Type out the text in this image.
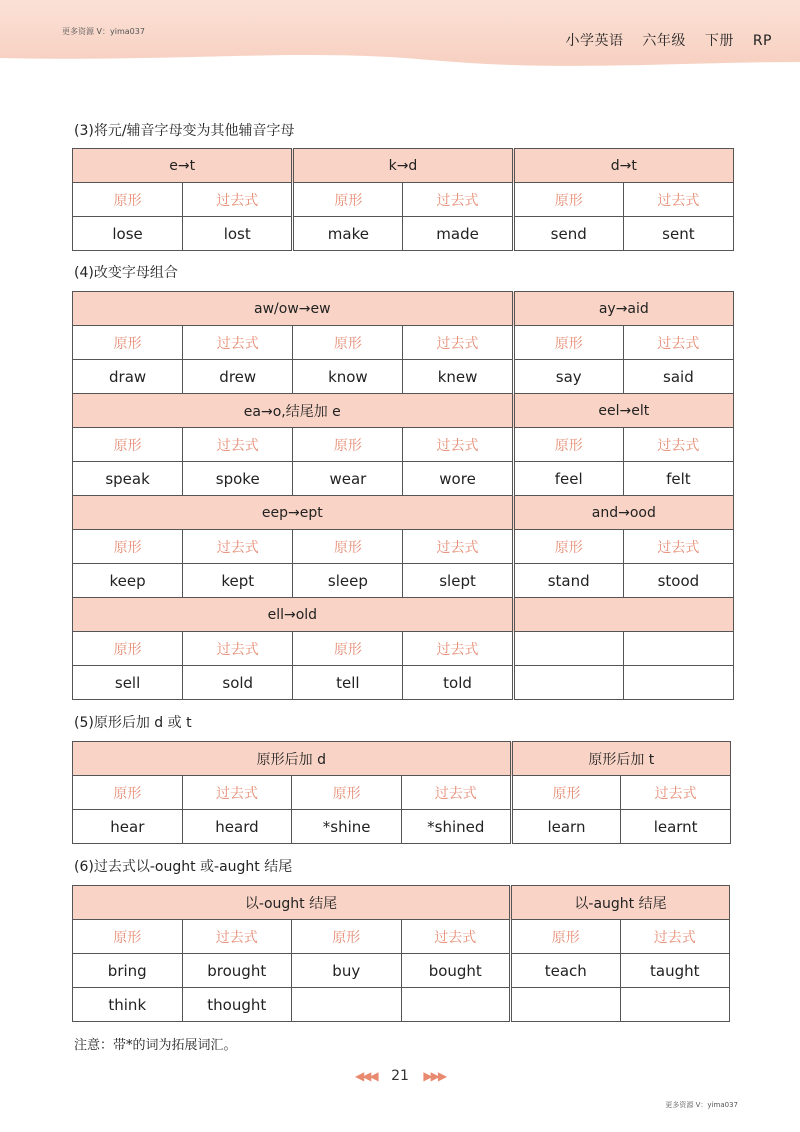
更多资源 V：yima037
小学英语 六年级 下册 RP
(3)将元/辅音字母变为其他辅音字母
e→t		k→d		d→t	
原形	过去式	原形	过去式	原形	过去式
lose	lost	make	made	send	sent
(4)改变字母组合
aw/ow→ew				ay→aid	
原形	过去式	原形	过去式	原形	过去式
draw	drew	know	knew	say	said
ea→o,结尾加 e				eel→elt	
原形	过去式	原形	过去式	原形	过去式
speak	spoke	wear	wore	feel	felt
eep→ept				and→ood	
原形	过去式	原形	过去式	原形	过去式
keep	kept	sleep	slept	stand	stood
ell→old					
原形	过去式	原形	过去式		
sell	sold	tell	told		
(5)原形后加 d 或 t
原形后加 d				原形后加 t	
原形	过去式	原形	过去式	原形	过去式
hear	heard	*shine	*shined	learn	learnt
(6)过去式以-ought 或-aught 结尾
以-ought 结尾				以-aught 结尾	
原形	过去式	原形	过去式	原形	过去式
bring	brought	buy	bought	teach	taught
think	thought				
注意：带*的词为拓展词汇。
◀◀◀ 21 ▶▶▶
更多资源 V：yima037
